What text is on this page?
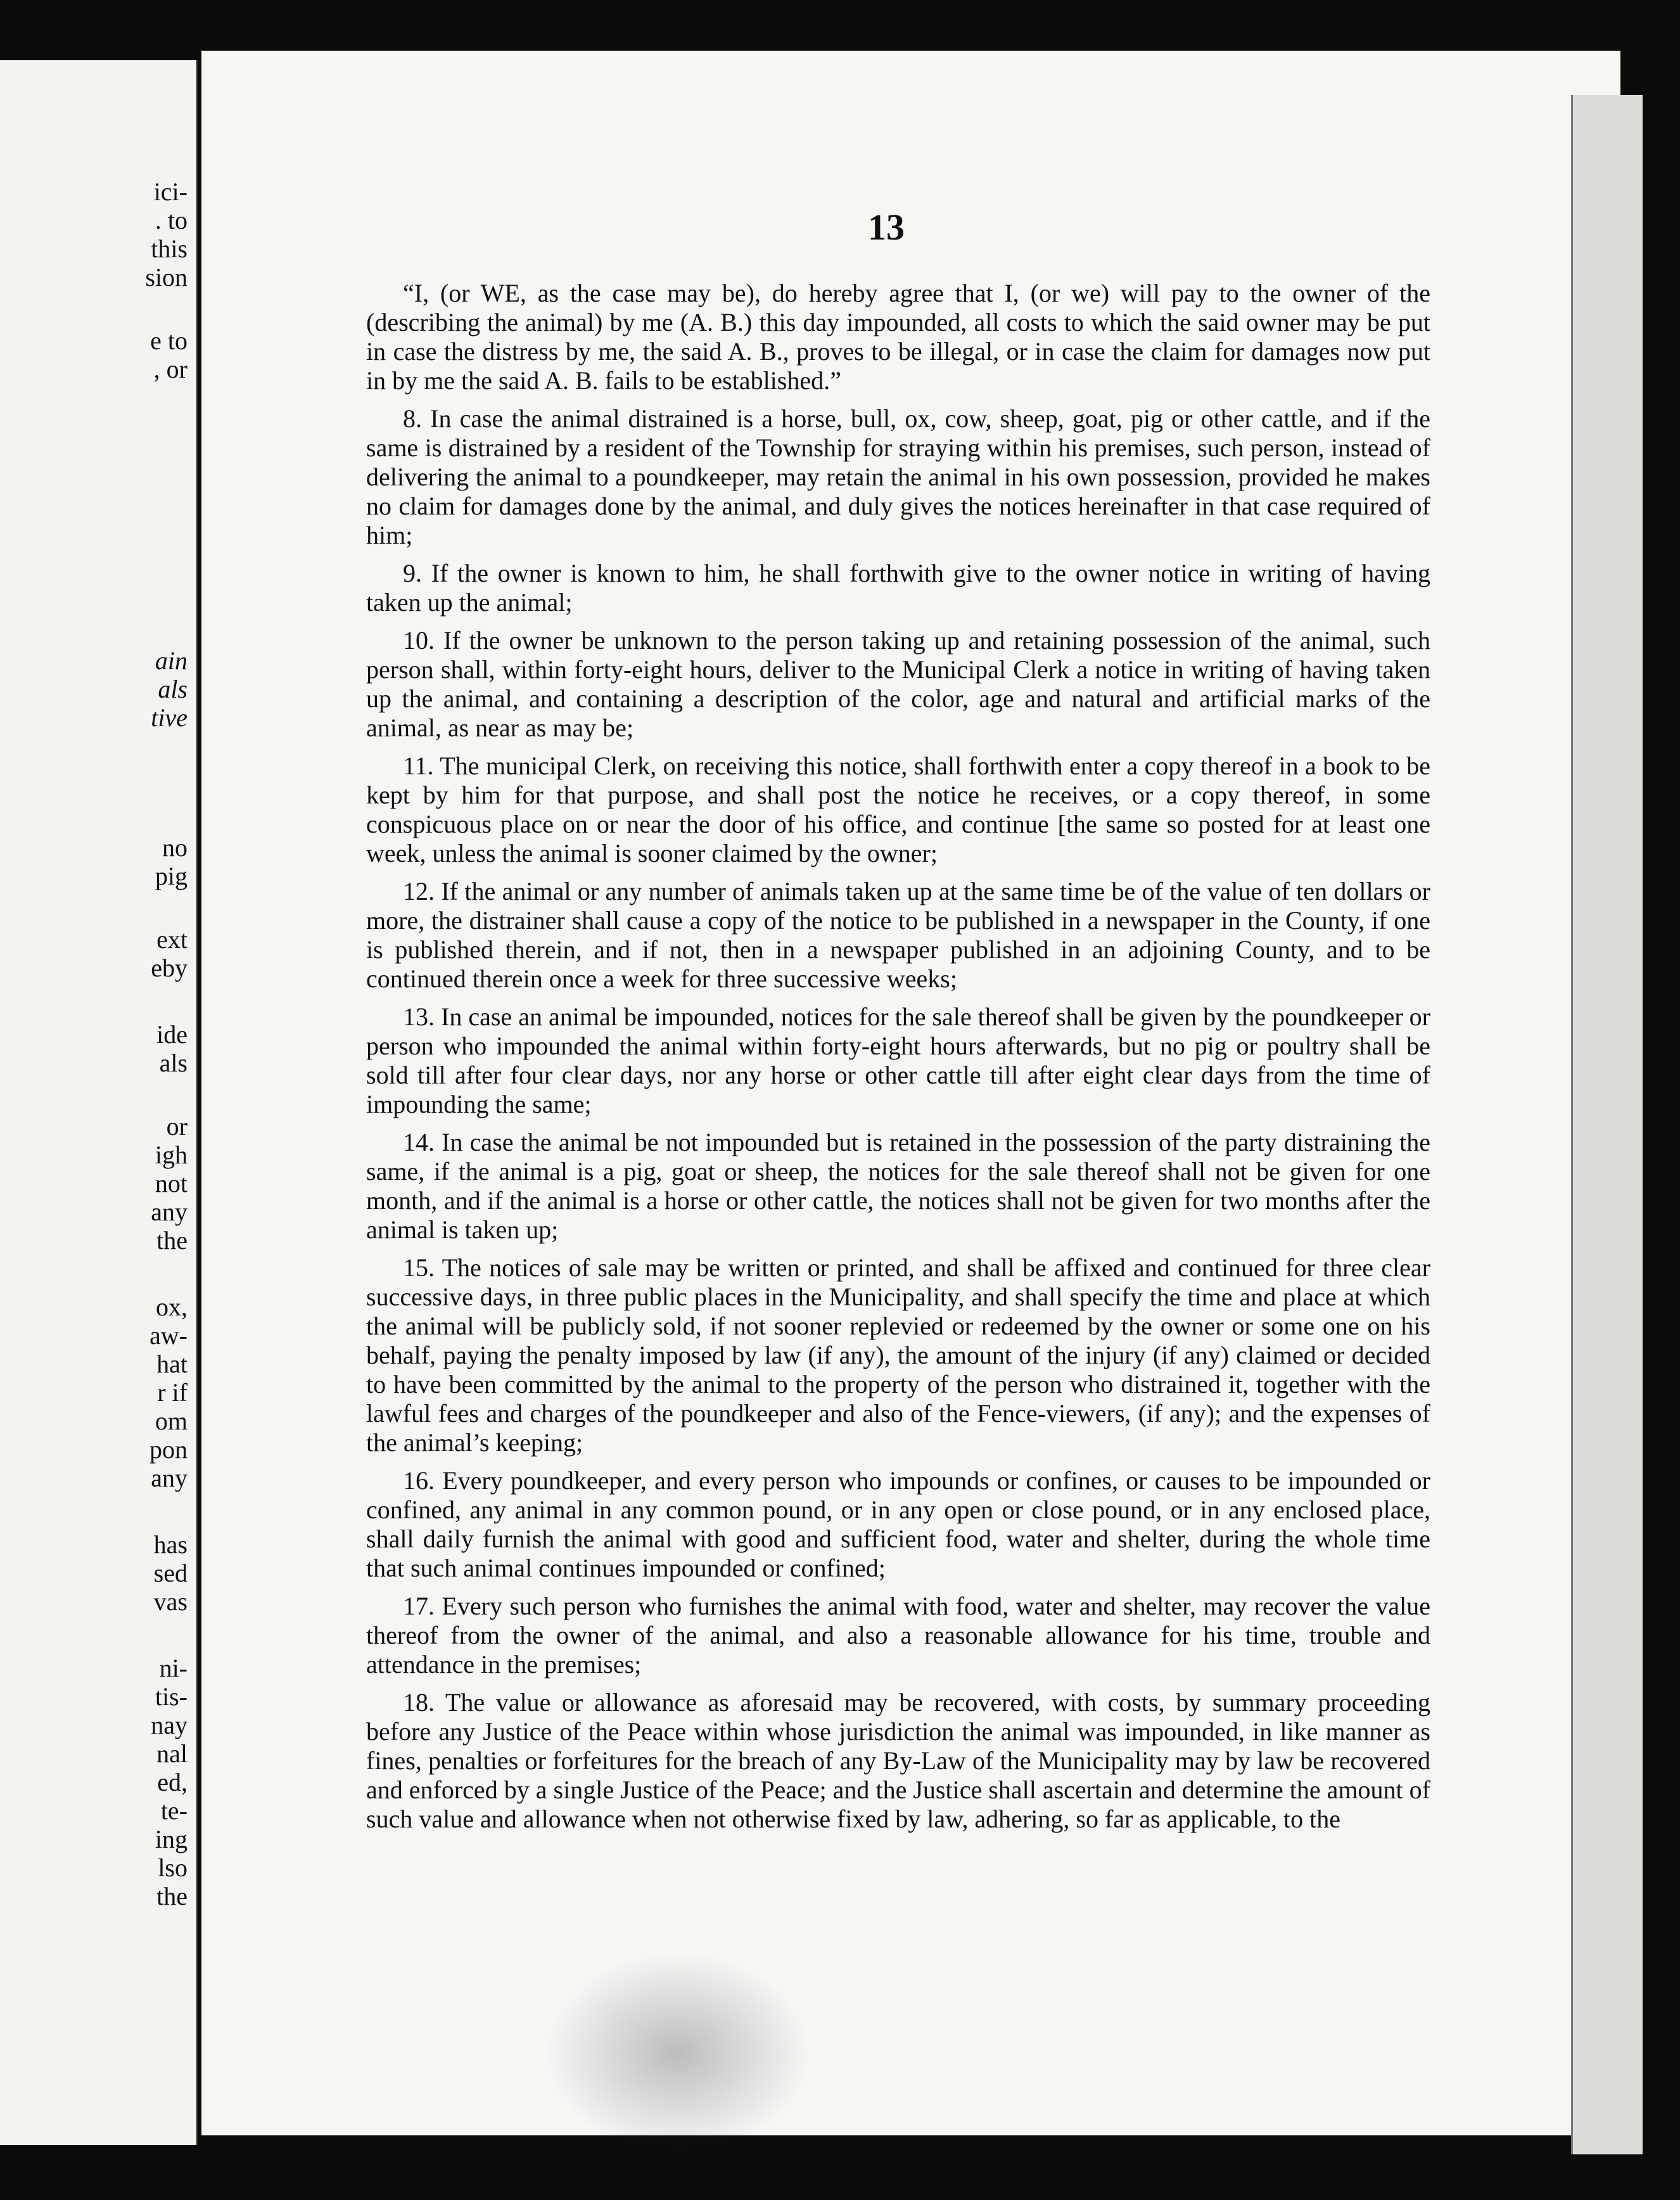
ici-
. to
this
sion
e to
, or
ain
als
tive
no
pig
ext
eby
ide
als
or
igh
not
any
the
ox,
aw-
hat
r if
om
pon
any
has
sed
vas
ni-
tis-
nay
nal
ed,
te-
ing
lso
the
13

“I, (or WE, as the case may be), do hereby agree that I, (or we) will pay to the owner of the (describing the animal) by me (A. B.) this day impounded, all costs to which the said owner may be put in case the distress by me, the said A. B., proves to be illegal, or in case the claim for damages now put in by me the said A. B. fails to be established.”

8. In case the animal distrained is a horse, bull, ox, cow, sheep, goat, pig or other cattle, and if the same is distrained by a resident of the Township for straying within his premises, such person, instead of delivering the animal to a poundkeeper, may retain the animal in his own possession, provided he makes no claim for damages done by the animal, and duly gives the notices hereinafter in that case required of him;

9. If the owner is known to him, he shall forthwith give to the owner notice in writing of having taken up the animal;

10. If the owner be unknown to the person taking up and retaining possession of the animal, such person shall, within forty-eight hours, deliver to the Municipal Clerk a notice in writing of having taken up the animal, and containing a description of the color, age and natural and artificial marks of the animal, as near as may be;

11. The municipal Clerk, on receiving this notice, shall forthwith enter a copy thereof in a book to be kept by him for that purpose, and shall post the notice he receives, or a copy thereof, in some conspicuous place on or near the door of his office, and continue [the same so posted for at least one week, unless the animal is sooner claimed by the owner;

12. If the animal or any number of animals taken up at the same time be of the value of ten dollars or more, the distrainer shall cause a copy of the notice to be published in a newspaper in the County, if one is published therein, and if not, then in a newspaper published in an adjoining County, and to be continued therein once a week for three successive weeks;

13. In case an animal be impounded, notices for the sale thereof shall be given by the poundkeeper or person who impounded the animal within forty-eight hours afterwards, but no pig or poultry shall be sold till after four clear days, nor any horse or other cattle till after eight clear days from the time of impounding the same;

14. In case the animal be not impounded but is retained in the possession of the party distraining the same, if the animal is a pig, goat or sheep, the notices for the sale thereof shall not be given for one month, and if the animal is a horse or other cattle, the notices shall not be given for two months after the animal is taken up;

15. The notices of sale may be written or printed, and shall be affixed and continued for three clear successive days, in three public places in the Municipality, and shall specify the time and place at which the animal will be publicly sold, if not sooner replevied or redeemed by the owner or some one on his behalf, paying the penalty imposed by law (if any), the amount of the injury (if any) claimed or decided to have been committed by the animal to the property of the person who distrained it, together with the lawful fees and charges of the poundkeeper and also of the Fence-viewers, (if any); and the expenses of the animal’s keeping;

16. Every poundkeeper, and every person who impounds or confines, or causes to be impounded or confined, any animal in any common pound, or in any open or close pound, or in any enclosed place, shall daily furnish the animal with good and sufficient food, water and shelter, during the whole time that such animal continues impounded or confined;

17. Every such person who furnishes the animal with food, water and shelter, may recover the value thereof from the owner of the animal, and also a reasonable allowance for his time, trouble and attendance in the premises;

18. The value or allowance as aforesaid may be recovered, with costs, by summary proceeding before any Justice of the Peace within whose jurisdiction the animal was impounded, in like manner as fines, penalties or forfeitures for the breach of any By-Law of the Municipality may by law be recovered and enforced by a single Justice of the Peace; and the Justice shall ascertain and determine the amount of such value and allowance when not otherwise fixed by law, adhering, so far as applicable, to the
